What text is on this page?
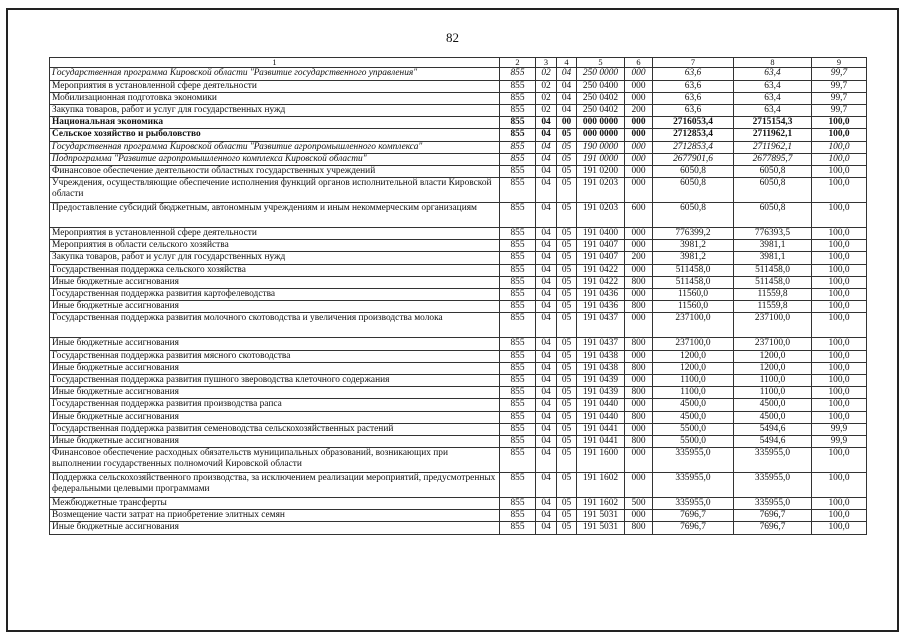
82
1	2	3	4	5	6	7	8	9
Государственная программа Кировской области "Развитие государственного управления"	855	02	04	250 0000	000	63,6	63,4	99,7
Мероприятия в установленной сфере деятельности	855	02	04	250 0400	000	63,6	63,4	99,7
Мобилизационная подготовка экономики	855	02	04	250 0402	000	63,6	63,4	99,7
Закупка товаров, работ и услуг для государственных нужд	855	02	04	250 0402	200	63,6	63,4	99,7
Национальная экономика	855	04	00	000 0000	000	2716053,4	2715154,3	100,0
Сельское хозяйство и рыболовство	855	04	05	000 0000	000	2712853,4	2711962,1	100,0
Государственная программа Кировской области "Развитие агропромышленного комплекса"	855	04	05	190 0000	000	2712853,4	2711962,1	100,0
Подпрограмма "Развитие агропромышленного комплекса Кировской области"	855	04	05	191 0000	000	2677901,6	2677895,7	100,0
Финансовое обеспечение деятельности областных государственных учреждений	855	04	05	191 0200	000	6050,8	6050,8	100,0
Учреждения, осуществляющие обеспечение исполнения функций органов исполнительной власти Кировской области	855	04	05	191 0203	000	6050,8	6050,8	100,0
Предоставление субсидий бюджетным, автономным учреждениям и иным некоммерческим организациям	855	04	05	191 0203	600	6050,8	6050,8	100,0
Мероприятия в установленной сфере деятельности	855	04	05	191 0400	000	776399,2	776393,5	100,0
Мероприятия в области сельского хозяйства	855	04	05	191 0407	000	3981,2	3981,1	100,0
Закупка товаров, работ и услуг для государственных нужд	855	04	05	191 0407	200	3981,2	3981,1	100,0
Государственная поддержка сельского хозяйства	855	04	05	191 0422	000	511458,0	511458,0	100,0
Иные бюджетные ассигнования	855	04	05	191 0422	800	511458,0	511458,0	100,0
Государственная поддержка развития картофелеводства	855	04	05	191 0436	000	11560,0	11559,8	100,0
Иные бюджетные ассигнования	855	04	05	191 0436	800	11560,0	11559,8	100,0
Государственная поддержка развития молочного скотоводства и увеличения производства молока	855	04	05	191 0437	000	237100,0	237100,0	100,0
Иные бюджетные ассигнования	855	04	05	191 0437	800	237100,0	237100,0	100,0
Государственная поддержка развития мясного скотоводства	855	04	05	191 0438	000	1200,0	1200,0	100,0
Иные бюджетные ассигнования	855	04	05	191 0438	800	1200,0	1200,0	100,0
Государственная поддержка развития пушного звероводства клеточного содержания	855	04	05	191 0439	000	1100,0	1100,0	100,0
Иные бюджетные ассигнования	855	04	05	191 0439	800	1100,0	1100,0	100,0
Государственная поддержка развития производства рапса	855	04	05	191 0440	000	4500,0	4500,0	100,0
Иные бюджетные ассигнования	855	04	05	191 0440	800	4500,0	4500,0	100,0
Государственная поддержка развития семеноводства сельскохозяйственных растений	855	04	05	191 0441	000	5500,0	5494,6	99,9
Иные бюджетные ассигнования	855	04	05	191 0441	800	5500,0	5494,6	99,9
Финансовое обеспечение расходных обязательств муниципальных образований, возникающих при выполнении государственных полномочий Кировской области	855	04	05	191 1600	000	335955,0	335955,0	100,0
Поддержка сельскохозяйственного производства, за исключением реализации мероприятий, предусмотренных федеральными целевыми программами	855	04	05	191 1602	000	335955,0	335955,0	100,0
Межбюджетные трансферты	855	04	05	191 1602	500	335955,0	335955,0	100,0
Возмещение части затрат на приобретение элитных семян	855	04	05	191 5031	000	7696,7	7696,7	100,0
Иные бюджетные ассигнования	855	04	05	191 5031	800	7696,7	7696,7	100,0
